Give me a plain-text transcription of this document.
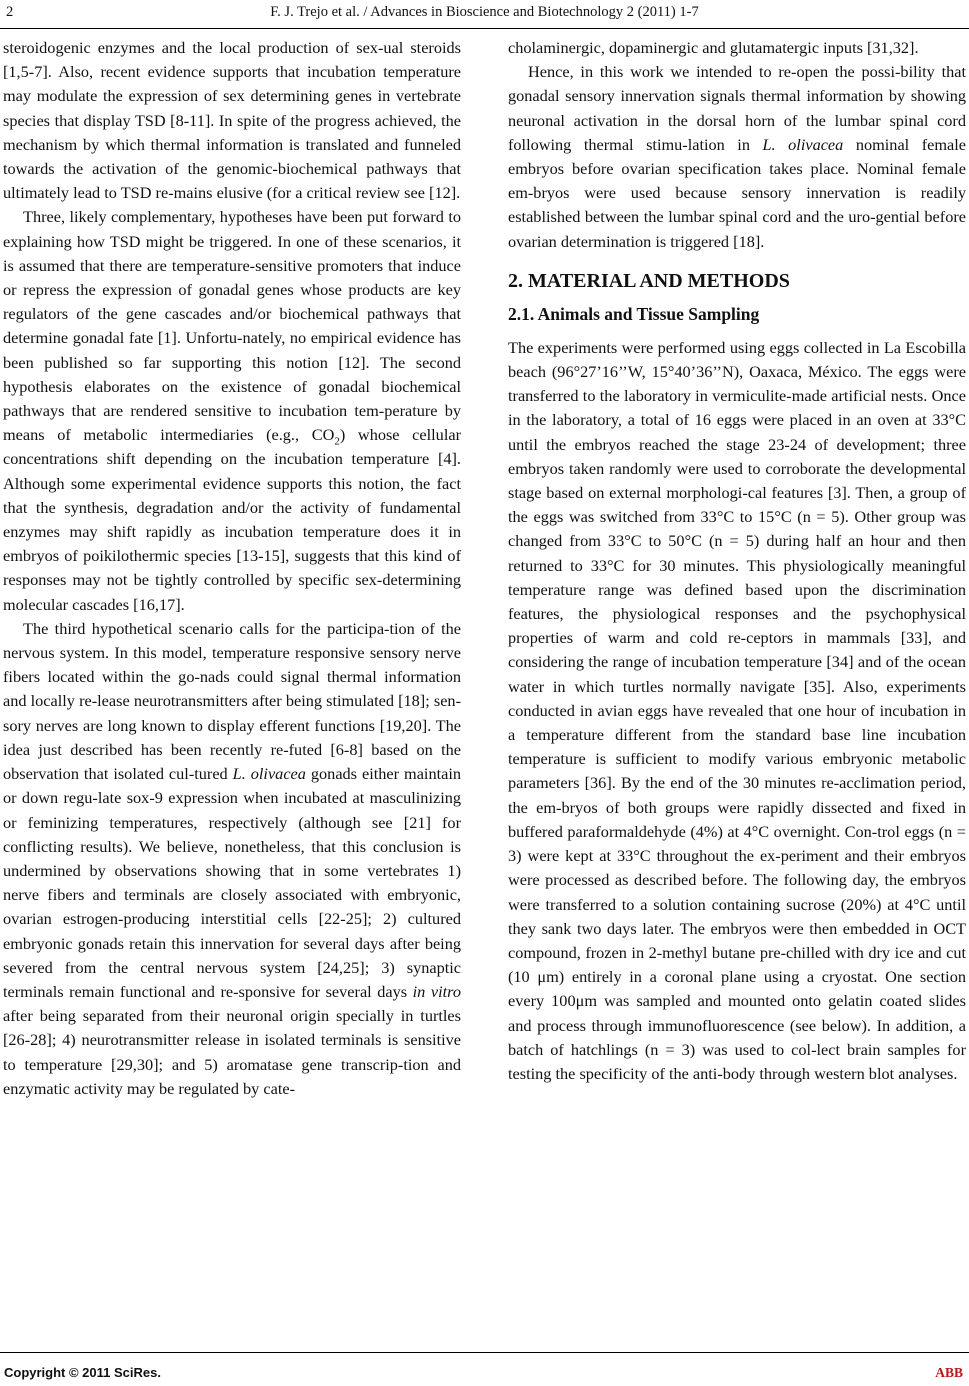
2	F. J. Trejo et al. / Advances in Bioscience and Biotechnology 2 (2011) 1-7

steroidogenic enzymes and the local production of sex-ual steroids [1,5-7]. Also, recent evidence supports that incubation temperature may modulate the expression of sex determining genes in vertebrate species that display TSD [8-11]. In spite of the progress achieved, the mechanism by which thermal information is translated and funneled towards the activation of the genomic-biochemical pathways that ultimately lead to TSD re-mains elusive (for a critical review see [12].

Three, likely complementary, hypotheses have been put forward to explaining how TSD might be triggered. In one of these scenarios, it is assumed that there are temperature-sensitive promoters that induce or repress the expression of gonadal genes whose products are key regulators of the gene cascades and/or biochemical pathways that determine gonadal fate [1]. Unfortu-nately, no empirical evidence has been published so far supporting this notion [12]. The second hypothesis elaborates on the existence of gonadal biochemical pathways that are rendered sensitive to incubation tem-perature by means of metabolic intermediaries (e.g., $CO_2$) whose cellular concentrations shift depending on the incubation temperature [4]. Although some experimental evidence supports this notion, the fact that the synthesis, degradation and/or the activity of fundamental enzymes may shift rapidly as incubation temperature does it in embryos of poikilothermic species [13-15], suggests that this kind of responses may not be tightly controlled by specific sex-determining molecular cascades [16,17].

The third hypothetical scenario calls for the participa-tion of the nervous system. In this model, temperature responsive sensory nerve fibers located within the go-nads could signal thermal information and locally re-lease neurotransmitters after being stimulated [18]; sen-sory nerves are long known to display efferent functions [19,20]. The idea just described has been recently re-futed [6-8] based on the observation that isolated cul-tured L. olivacea gonads either maintain or down regu-late sox-9 expression when incubated at masculinizing or feminizing temperatures, respectively (although see [21] for conflicting results). We believe, nonetheless, that this conclusion is undermined by observations showing that in some vertebrates 1) nerve fibers and terminals are closely associated with embryonic, ovarian estrogen-producing interstitial cells [22-25]; 2) cultured embryonic gonads retain this innervation for several days after being severed from the central nervous system [24,25]; 3) synaptic terminals remain functional and re-sponsive for several days in vitro after being separated from their neuronal origin specially in turtles [26-28]; 4) neurotransmitter release in isolated terminals is sensitive to temperature [29,30]; and 5) aromatase gene transcrip-tion and enzymatic activity may be regulated by cate-

cholaminergic, dopaminergic and glutamatergic inputs [31,32].

Hence, in this work we intended to re-open the possi-bility that gonadal sensory innervation signals thermal information by showing neuronal activation in the dorsal horn of the lumbar spinal cord following thermal stimu-lation in L. olivacea nominal female embryos before ovarian specification takes place. Nominal female em-bryos were used because sensory innervation is readily established between the lumbar spinal cord and the uro-gential before ovarian determination is triggered [18].

2. MATERIAL AND METHODS
2.1. Animals and Tissue Sampling

The experiments were performed using eggs collected in La Escobilla beach (96°27’16’’W, 15°40’36’’N), Oaxaca, México. The eggs were transferred to the laboratory in vermiculite-made artificial nests. Once in the laboratory, a total of 16 eggs were placed in an oven at 33°C until the embryos reached the stage 23-24 of development; three embryos taken randomly were used to corroborate the developmental stage based on external morphologi-cal features [3]. Then, a group of the eggs was switched from 33°C to 15°C (n = 5). Other group was changed from 33°C to 50°C (n = 5) during half an hour and then returned to 33°C for 30 minutes. This physiologically meaningful temperature range was defined based upon the discrimination features, the physiological responses and the psychophysical properties of warm and cold re-ceptors in mammals [33], and considering the range of incubation temperature [34] and of the ocean water in which turtles normally navigate [35]. Also, experiments conducted in avian eggs have revealed that one hour of incubation in a temperature different from the standard base line incubation temperature is sufficient to modify various embryonic metabolic parameters [36]. By the end of the 30 minutes re-acclimation period, the em-bryos of both groups were rapidly dissected and fixed in buffered paraformaldehyde (4%) at 4°C overnight. Con-trol eggs (n = 3) were kept at 33°C throughout the ex-periment and their embryos were processed as described before. The following day, the embryos were transferred to a solution containing sucrose (20%) at 4°C until they sank two days later. The embryos were then embedded in OCT compound, frozen in 2-methyl butane pre-chilled with dry ice and cut (10 μm) entirely in a coronal plane using a cryostat. One section every 100μm was sampled and mounted onto gelatin coated slides and process through immunofluorescence (see below). In addition, a batch of hatchlings (n = 3) was used to col-lect brain samples for testing the specificity of the anti-body through western blot analyses.

Copyright © 2011 SciRes.	ABB
